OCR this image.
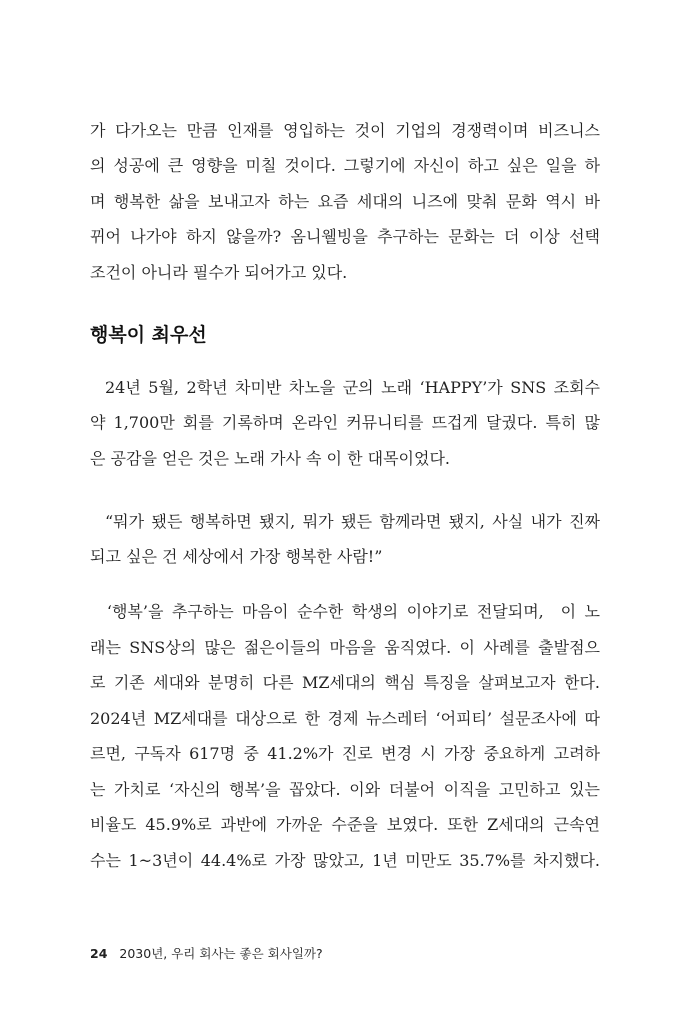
가 다가오는 만큼 인재를 영입하는 것이 기업의 경쟁력이며 비즈니스
의 성공에 큰 영향을 미칠 것이다. 그렇기에 자신이 하고 싶은 일을 하
며 행복한 삶을 보내고자 하는 요즘 세대의 니즈에 맞춰 문화 역시 바
뀌어 나가야 하지 않을까? 옴니웰빙을 추구하는 문화는 더 이상 선택
조건이 아니라 필수가 되어가고 있다.
행복이 최우선
24년 5월, 2학년 차미반 차노을 군의 노래 ‘HAPPY’가 SNS 조회수
약 1,700만 회를 기록하며 온라인 커뮤니티를 뜨겁게 달궜다. 특히 많
은 공감을 얻은 것은 노래 가사 속 이 한 대목이었다.
“뭐가 됐든 행복하면 됐지, 뭐가 됐든 함께라면 됐지, 사실 내가 진짜
되고 싶은 건 세상에서 가장 행복한 사람!”
‘행복’을 추구하는 마음이 순수한 학생의 이야기로 전달되며,  이 노
래는 SNS상의 많은 젊은이들의 마음을 움직였다. 이 사례를 출발점으
로 기존 세대와 분명히 다른 MZ세대의 핵심 특징을 살펴보고자 한다.
2024년 MZ세대를 대상으로 한 경제 뉴스레터 ‘어피티’ 설문조사에 따
르면, 구독자 617명 중 41.2%가 진로 변경 시 가장 중요하게 고려하
는 가치로 ‘자신의 행복’을 꼽았다. 이와 더불어 이직을 고민하고 있는
비율도 45.9%로 과반에 가까운 수준을 보였다. 또한 Z세대의 근속연
수는 1~3년이 44.4%로 가장 많았고, 1년 미만도 35.7%를 차지했다.
24 2030년, 우리 회사는 좋은 회사일까?
